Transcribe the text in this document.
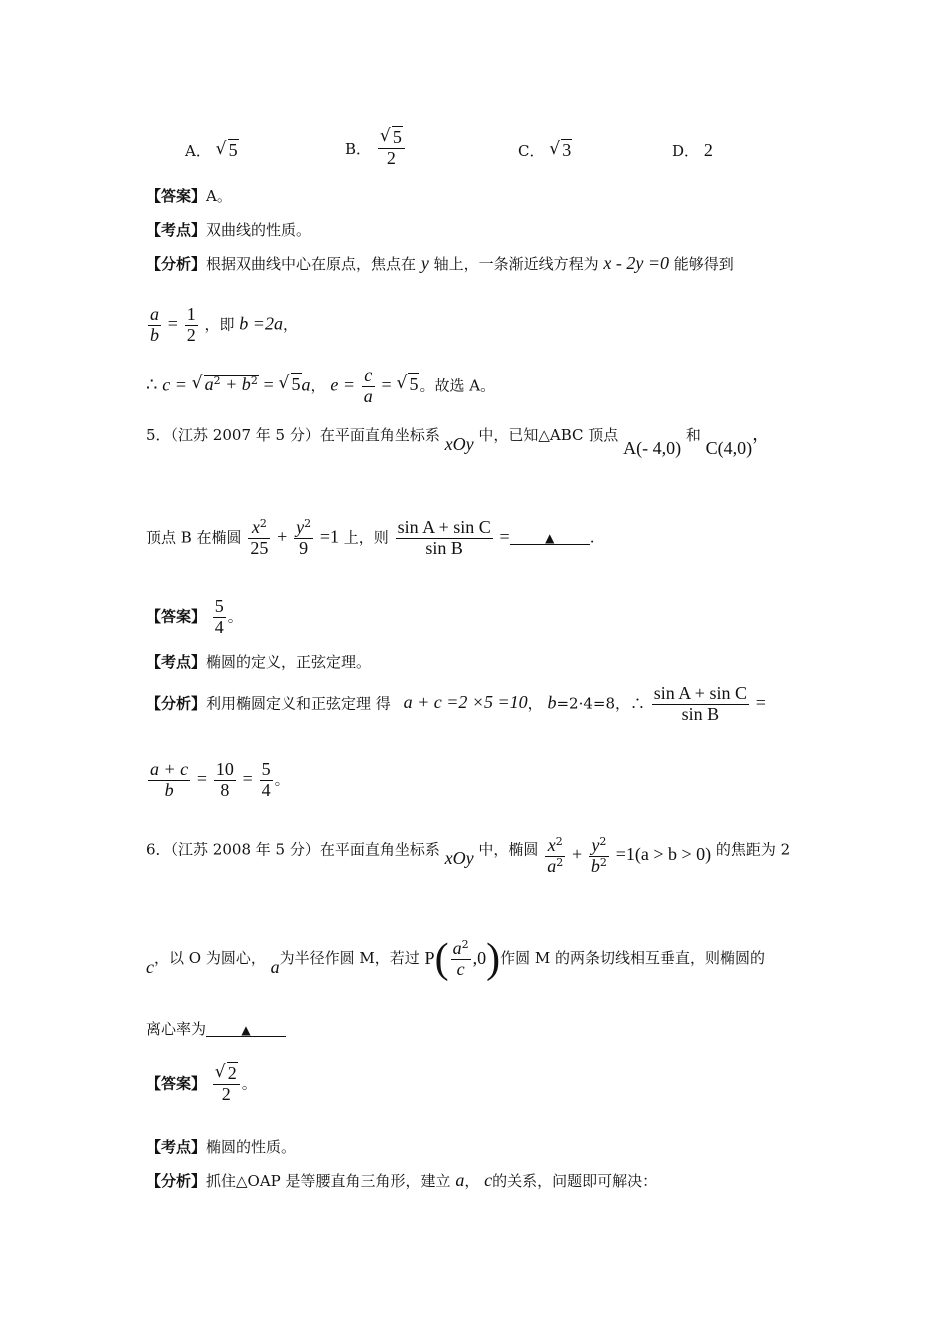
A． √ 5	B． √ $\frac{5}{2}$	C． √ 3	D． 2
【答案】A。
【考点】双曲线的性质。
【分析】根据双曲线中心在原点，焦点在 y 轴上，一条渐近线方程为 x - 2y =0 能够得到
$\frac{a}{b} = \frac{1}{2}$ ，即 b =2a，
∴ c = √ $a^2 + b^2$ = √ 5a， $e = \frac{c}{a}$ = √ 5。故选 A。
5．（江苏 2007 年 5 分）在平面直角坐标系 xOy 中，已知△ABC 顶点 A(- 4,0) 和 C(4,0)，
顶点 B 在椭圆 $\frac{x^2}{25} + \frac{y^2}{9} =1$ 上，则 $\frac{\text{sin A + sin C}}{\text{sin B}}$ =	▲ .
【答案】 $\frac{5}{4}$ 。
【考点】椭圆的定义，正弦定理。
【分析】利用椭圆定义和正弦定理 得 a + c =2 ×5 =10， b=2·4=8，∴ $\frac{\text{sin A + sin C}}{\text{sin B}}$ =
$\frac{a + c}{b} = \frac{10}{8} = \frac{5}{4}$ 。
6．（江苏 2008 年 5 分）在平面直角坐标系 xOy 中，椭圆 $\frac{x^2}{a^2} + \frac{y^2}{b^2} =1(a > b > 0)$ 的焦距为 2
c，以 O 为圆心， a为半径作圆 M，若过 $P( \frac{a^2}{c} ,0)$作圆 M 的两条切线相互垂直，则椭圆的
离心率为	▲
【答案】 √ $\frac{2}{2}$ 。
【考点】椭圆的性质。
【分析】抓住△OAP 是等腰直角三角形，建立 a， c的关系，问题即可解决：
